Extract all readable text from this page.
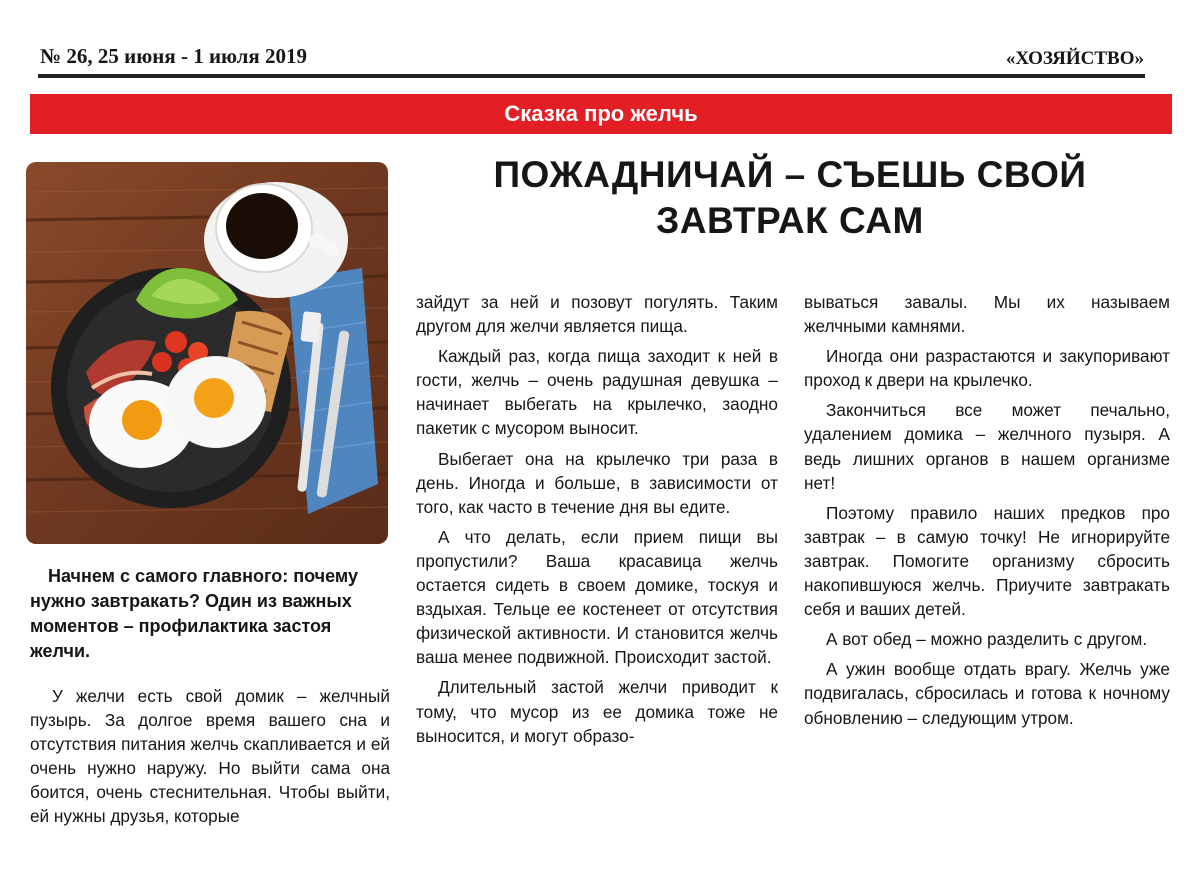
№ 26, 25 июня - 1 июля 2019	«ХОЗЯЙСТВО»
Сказка про желчь
ПОЖАДНИЧАЙ – СЪЕШЬ СВОЙ
ЗАВТРАК САМ
Начнем с самого главного: почему нужно завтракать? Один из важных моментов – профилактика застоя желчи.

У желчи есть свой домик – желчный пузырь. За долгое время вашего сна и отсутствия питания желчь скапливается и ей очень нужно наружу. Но выйти сама она боится, очень стеснительная. Чтобы выйти, ей нужны друзья, которые

зайдут за ней и позовут погулять. Таким другом для желчи является пища.

Каждый раз, когда пища заходит к ней в гости, желчь – очень радушная девушка – начинает выбегать на крылечко, заодно пакетик с мусором выносит.

Выбегает она на крылечко три раза в день. Иногда и больше, в зависимости от того, как часто в течение дня вы едите.

А что делать, если прием пищи вы пропустили? Ваша красавица желчь остается сидеть в своем домике, тоскуя и вздыхая. Тельце ее костенеет от отсутствия физической активности. И становится желчь ваша менее подвижной. Происходит застой.

Длительный застой желчи приводит к тому, что мусор из ее домика тоже не выносится, и могут образо-

вываться завалы. Мы их называем желчными камнями.

Иногда они разрастаются и закупоривают проход к двери на крылечко.

Закончиться все может печально, удалением домика – желчного пузыря. А ведь лишних органов в нашем организме нет!

Поэтому правило наших предков про завтрак – в самую точку! Не игнорируйте завтрак. Помогите организму сбросить накопившуюся желчь. Приучите завтракать себя и ваших детей.

А вот обед – можно разделить с другом.

А ужин вообще отдать врагу. Желчь уже подвигалась, сбросилась и готова к ночному обновлению – следующим утром.
